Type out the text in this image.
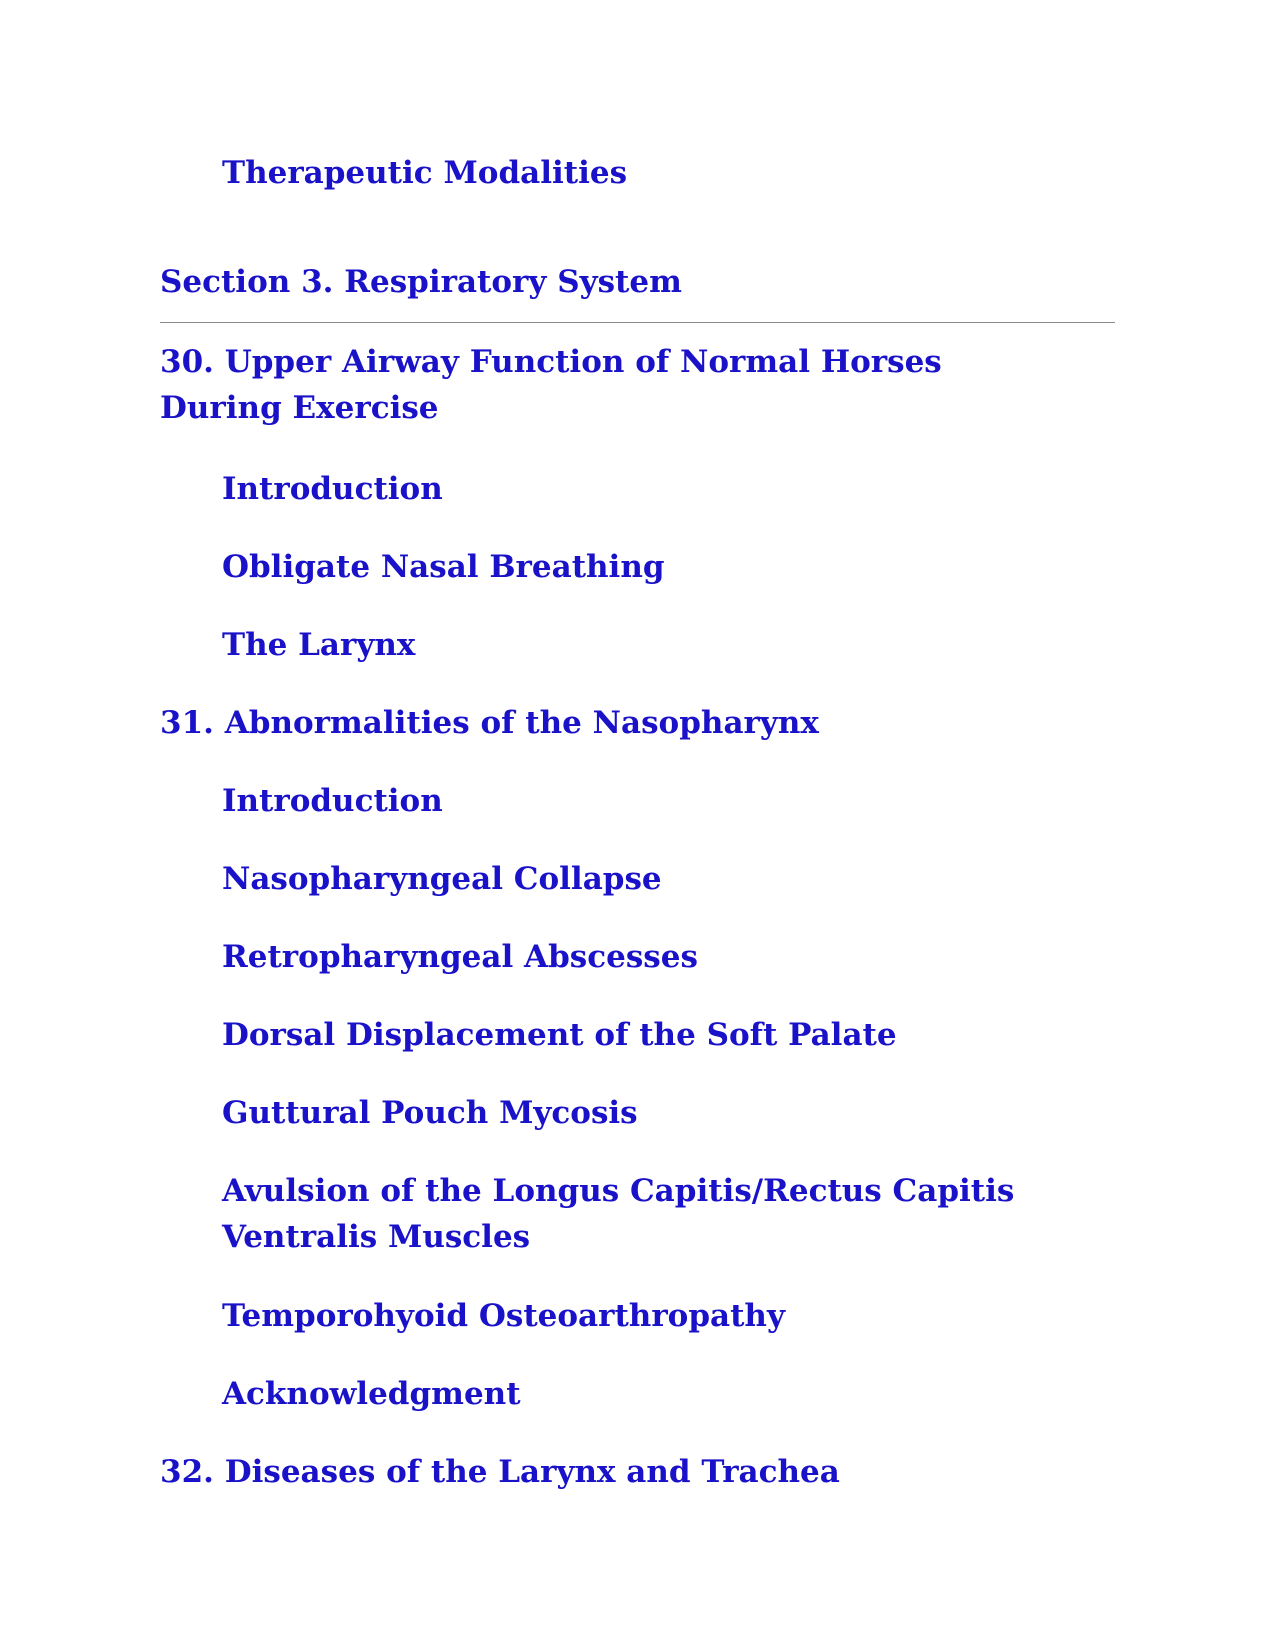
Therapeutic Modalities
Section 3. Respiratory System
30. Upper Airway Function of Normal Horses During Exercise
Introduction
Obligate Nasal Breathing
The Larynx
31. Abnormalities of the Nasopharynx
Introduction
Nasopharyngeal Collapse
Retropharyngeal Abscesses
Dorsal Displacement of the Soft Palate
Guttural Pouch Mycosis
Avulsion of the Longus Capitis/Rectus Capitis Ventralis Muscles
Temporohyoid Osteoarthropathy
Acknowledgment
32. Diseases of the Larynx and Trachea
